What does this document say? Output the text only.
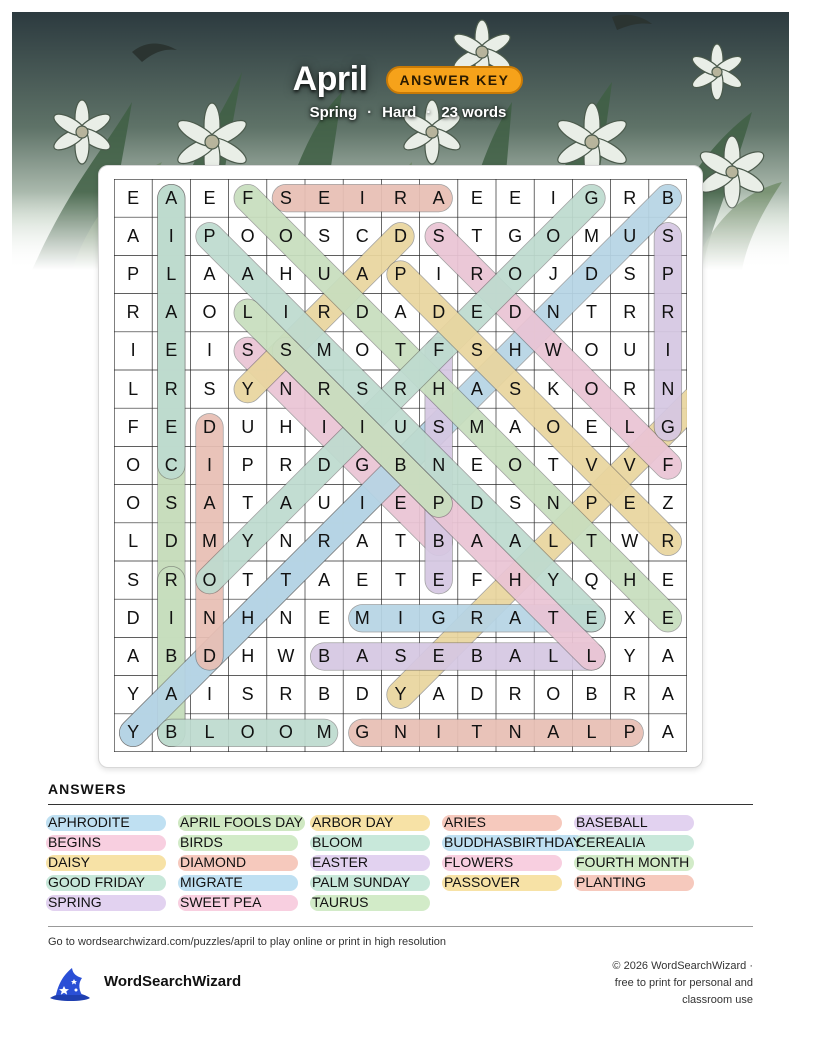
April	ANSWER KEY
Spring · Hard · 23 words
E	A	E	F	S	E	I	R	A	E	E	I	G	R	B
A	I	P	O	O	S	C	D	S	T	G	O	M	U	S
P	L	A	A	H	U	A	P	I	R	O	J	D	S	P
R	A	O	L	I	R	D	A	D	E	D	N	T	R	R
I	E	I	S	S	M	O	T	F	S	H	W	O	U	I
L	R	S	Y	N	R	S	R	H	A	S	K	O	R	N
F	E	D	U	H	I	I	U	S	M	A	O	E	L	G
O	C	I	P	R	D	G	B	N	E	O	T	V	V	F
O	S	A	T	A	U	I	E	P	D	S	N	P	E	Z
L	D	M	Y	N	R	A	T	B	A	A	L	T	W	R
S	R	O	T	T	A	E	T	E	F	H	Y	Q	H	E
D	I	N	H	N	E	M	I	G	R	A	T	E	X	E
A	B	D	H	W	B	A	S	E	B	A	L	L	Y	A
Y	A	I	S	R	B	D	Y	A	D	R	O	B	R	A
Y	B	L	O	O	M	G	N	I	T	N	A	L	P	A
ANSWERS
APHRODITE
BEGINS
DAISY
GOOD FRIDAY
SPRING
APRIL FOOLS DAY
BIRDS
DIAMOND
MIGRATE
SWEET PEA
ARBOR DAY
BLOOM
EASTER
PALM SUNDAY
TAURUS
ARIES
BUDDHASBIRTHDAY
FLOWERS
PASSOVER
BASEBALL
CEREALIA
FOURTH MONTH
PLANTING
Go to wordsearchwizard.com/puzzles/april to play online or print in high resolution
WordSearchWizard
© 2026 WordSearchWizard ·
free to print for personal and
classroom use
